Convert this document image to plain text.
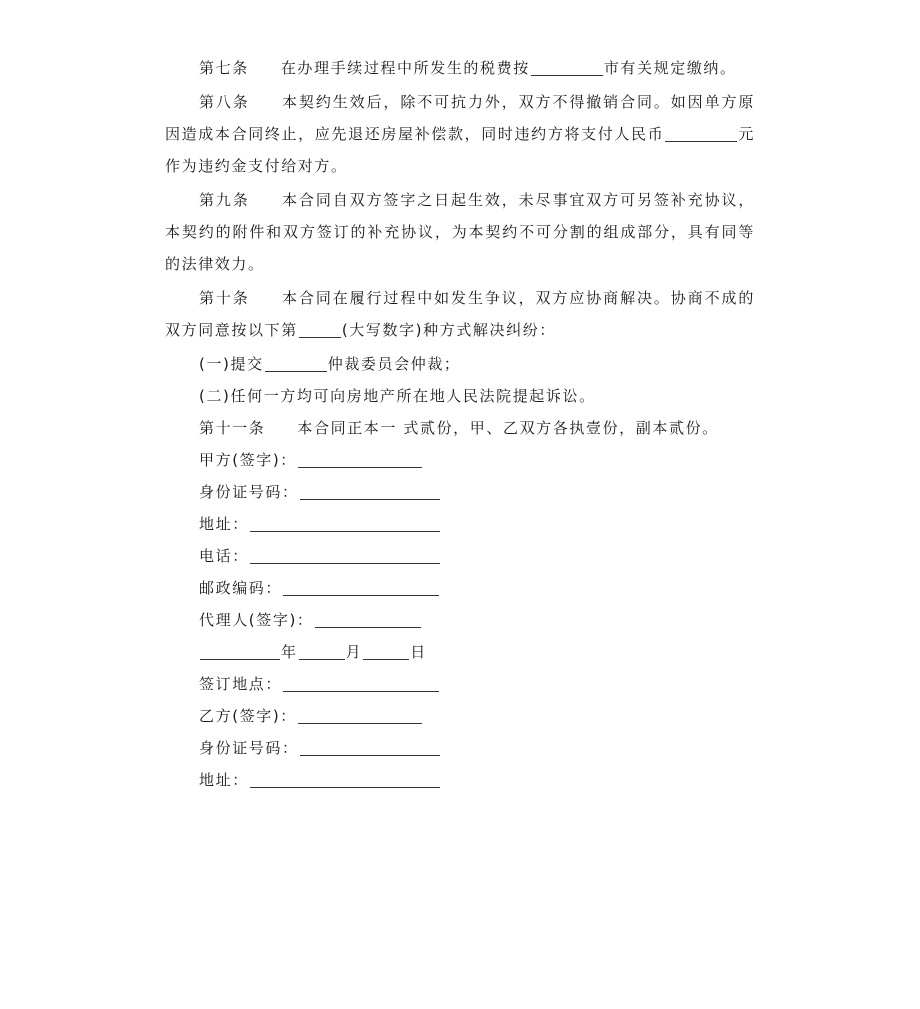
第七条 在办理手续过程中所发生的税费按	市有关规定缴纳。

第八条 本契约生效后，除不可抗力外，双方不得撤销合同。如因单方原因造成本合同终止，应先退还房屋补偿款，同时违约方将支付人民币	元作为违约金支付给对方。

第九条 本合同自双方签字之日起生效，未尽事宜双方可另签补充协议，本契约的附件和双方签订的补充协议，为本契约不可分割的组成部分，具有同等的法律效力。

第十条 本合同在履行过程中如发生争议，双方应协商解决。协商不成的双方同意按以下第	(大写数字)种方式解决纠纷：

(一)提交	仲裁委员会仲裁；

(二)任何一方均可向房地产所在地人民法院提起诉讼。

第十一条 本合同正本一 式贰份，甲、乙双方各执壹份，副本贰份。

甲方(签字)：

身份证号码：

地址：

电话：

邮政编码：

代理人(签字)：

年	月	日

签订地点：

乙方(签字)：

身份证号码：

地址：
